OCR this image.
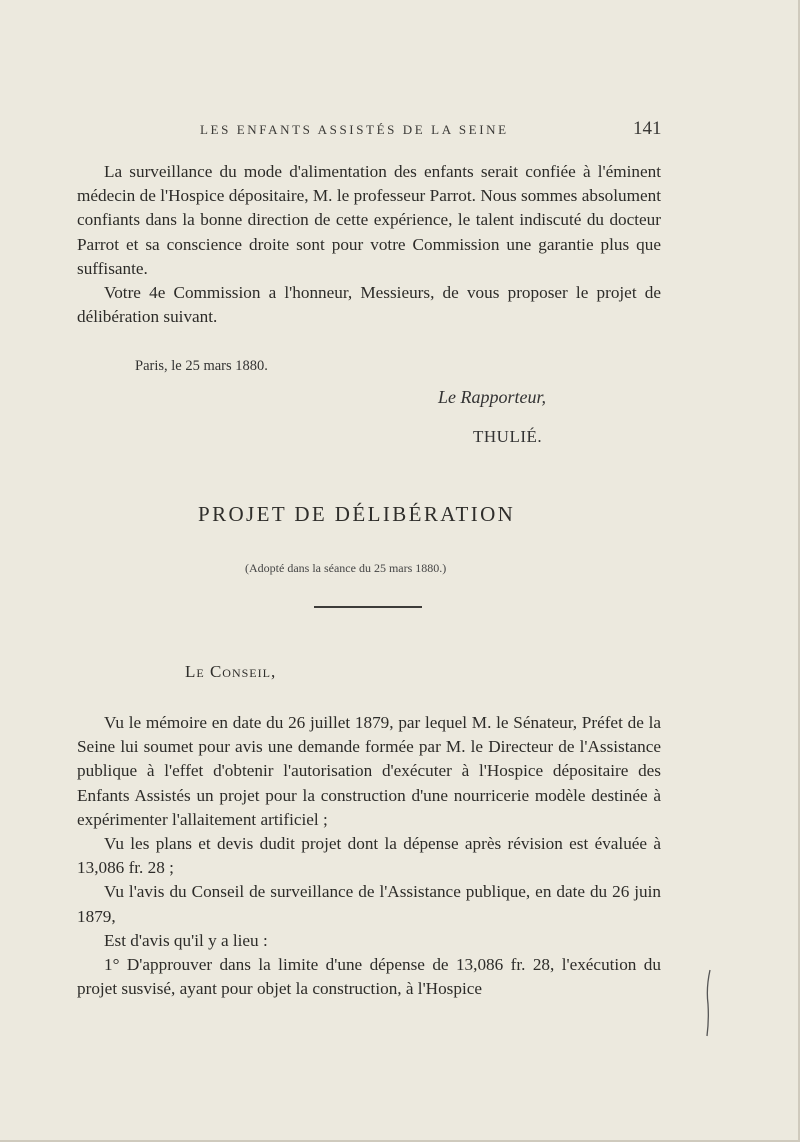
LES ENFANTS ASSISTÉS DE LA SEINE	141

La surveillance du mode d'alimentation des enfants serait confiée à l'éminent médecin de l'Hospice dépositaire, M. le professeur Parrot. Nous sommes absolument confiants dans la bonne direction de cette expérience, le talent indiscuté du docteur Parrot et sa conscience droite sont pour votre Commission une garantie plus que suffisante.

Votre 4e Commission a l'honneur, Messieurs, de vous proposer le projet de délibération suivant.

Paris, le 25 mars 1880.
Le Rapporteur,
THULIÉ.
PROJET DE DÉLIBÉRATION
(Adopté dans la séance du 25 mars 1880.)
Le Conseil,

Vu le mémoire en date du 26 juillet 1879, par lequel M. le Sénateur, Préfet de la Seine lui soumet pour avis une demande formée par M. le Directeur de l'Assistance publique à l'effet d'obtenir l'autorisation d'exécuter à l'Hospice dépositaire des Enfants Assistés un projet pour la construction d'une nourricerie modèle destinée à expérimenter l'allaitement artificiel ;

Vu les plans et devis dudit projet dont la dépense après révision est évaluée à 13,086 fr. 28 ;

Vu l'avis du Conseil de surveillance de l'Assistance publique, en date du 26 juin 1879,

Est d'avis qu'il y a lieu :

1° D'approuver dans la limite d'une dépense de 13,086 fr. 28, l'exécution du projet susvisé, ayant pour objet la construction, à l'Hospice
